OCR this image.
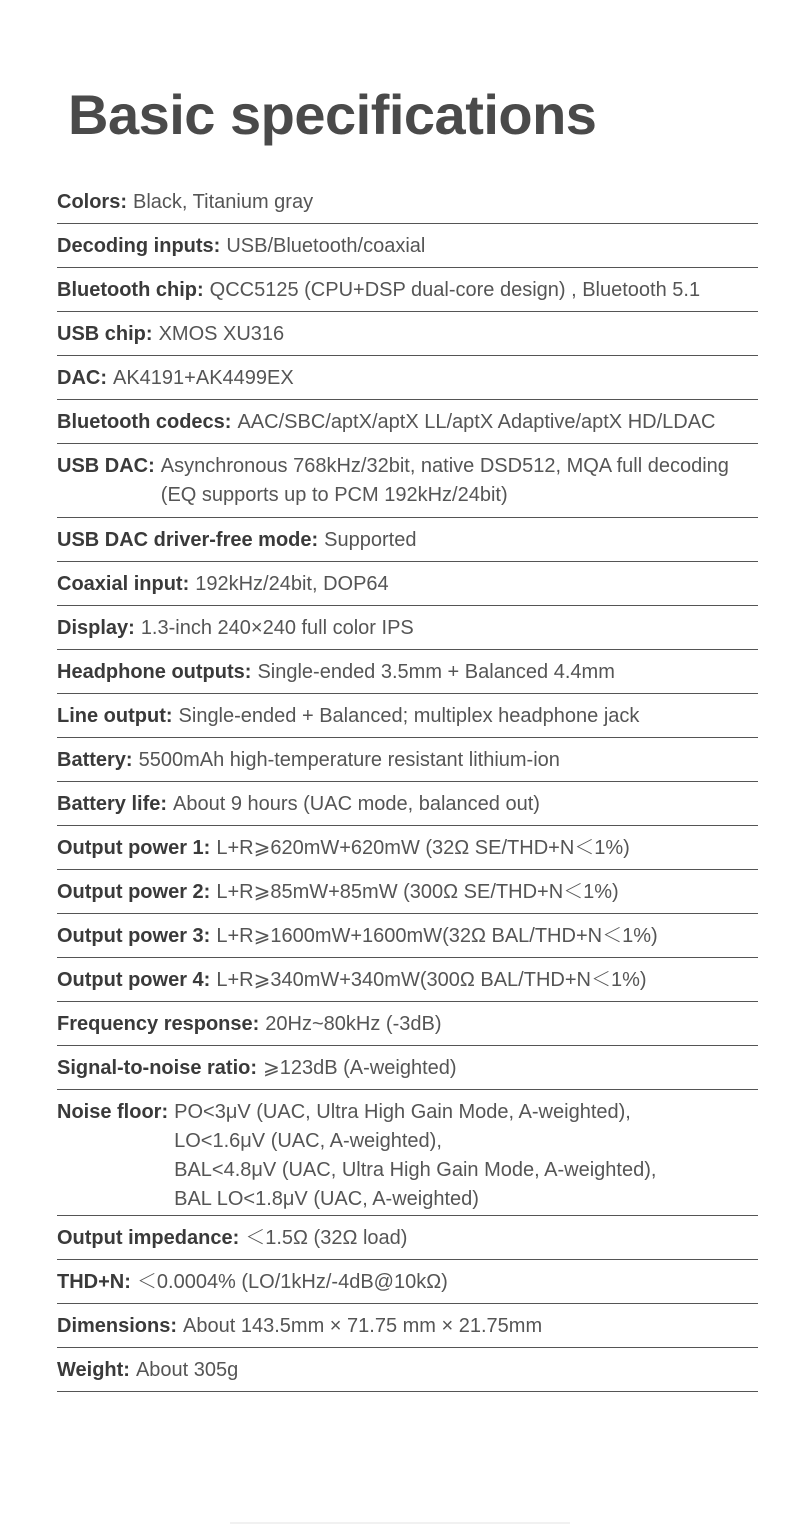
Basic specifications
Colors: Black, Titanium gray
Decoding inputs: USB/Bluetooth/coaxial
Bluetooth chip: QCC5125 (CPU+DSP dual-core design) , Bluetooth 5.1
USB chip: XMOS XU316
DAC: AK4191+AK4499EX
Bluetooth codecs: AAC/SBC/aptX/aptX LL/aptX Adaptive/aptX HD/LDAC
USB DAC: Asynchronous 768kHz/32bit, native DSD512, MQA full decoding
(EQ supports up to PCM 192kHz/24bit)
USB DAC driver-free mode: Supported
Coaxial input: 192kHz/24bit, DOP64
Display: 1.3-inch 240×240 full color IPS
Headphone outputs: Single-ended 3.5mm + Balanced 4.4mm
Line output: Single-ended + Balanced; multiplex headphone jack
Battery: 5500mAh high-temperature resistant lithium-ion
Battery life: About 9 hours (UAC mode, balanced out)
Output power 1: L+R⩾620mW+620mW (32Ω SE/THD+N＜1%)
Output power 2: L+R⩾85mW+85mW (300Ω SE/THD+N＜1%)
Output power 3: L+R⩾1600mW+1600mW(32Ω BAL/THD+N＜1%)
Output power 4: L+R⩾340mW+340mW(300Ω BAL/THD+N＜1%)
Frequency response: 20Hz~80kHz (-3dB)
Signal-to-noise ratio: ⩾123dB (A-weighted)
Noise floor: PO<3μV (UAC, Ultra High Gain Mode, A-weighted),
LO<1.6μV (UAC, A-weighted),
BAL<4.8μV (UAC, Ultra High Gain Mode, A-weighted),
BAL LO<1.8μV (UAC, A-weighted)
Output impedance: ＜1.5Ω (32Ω load)
THD+N: ＜0.0004% (LO/1kHz/-4dB@10kΩ)
Dimensions: About 143.5mm × 71.75 mm × 21.75mm
Weight: About 305g
